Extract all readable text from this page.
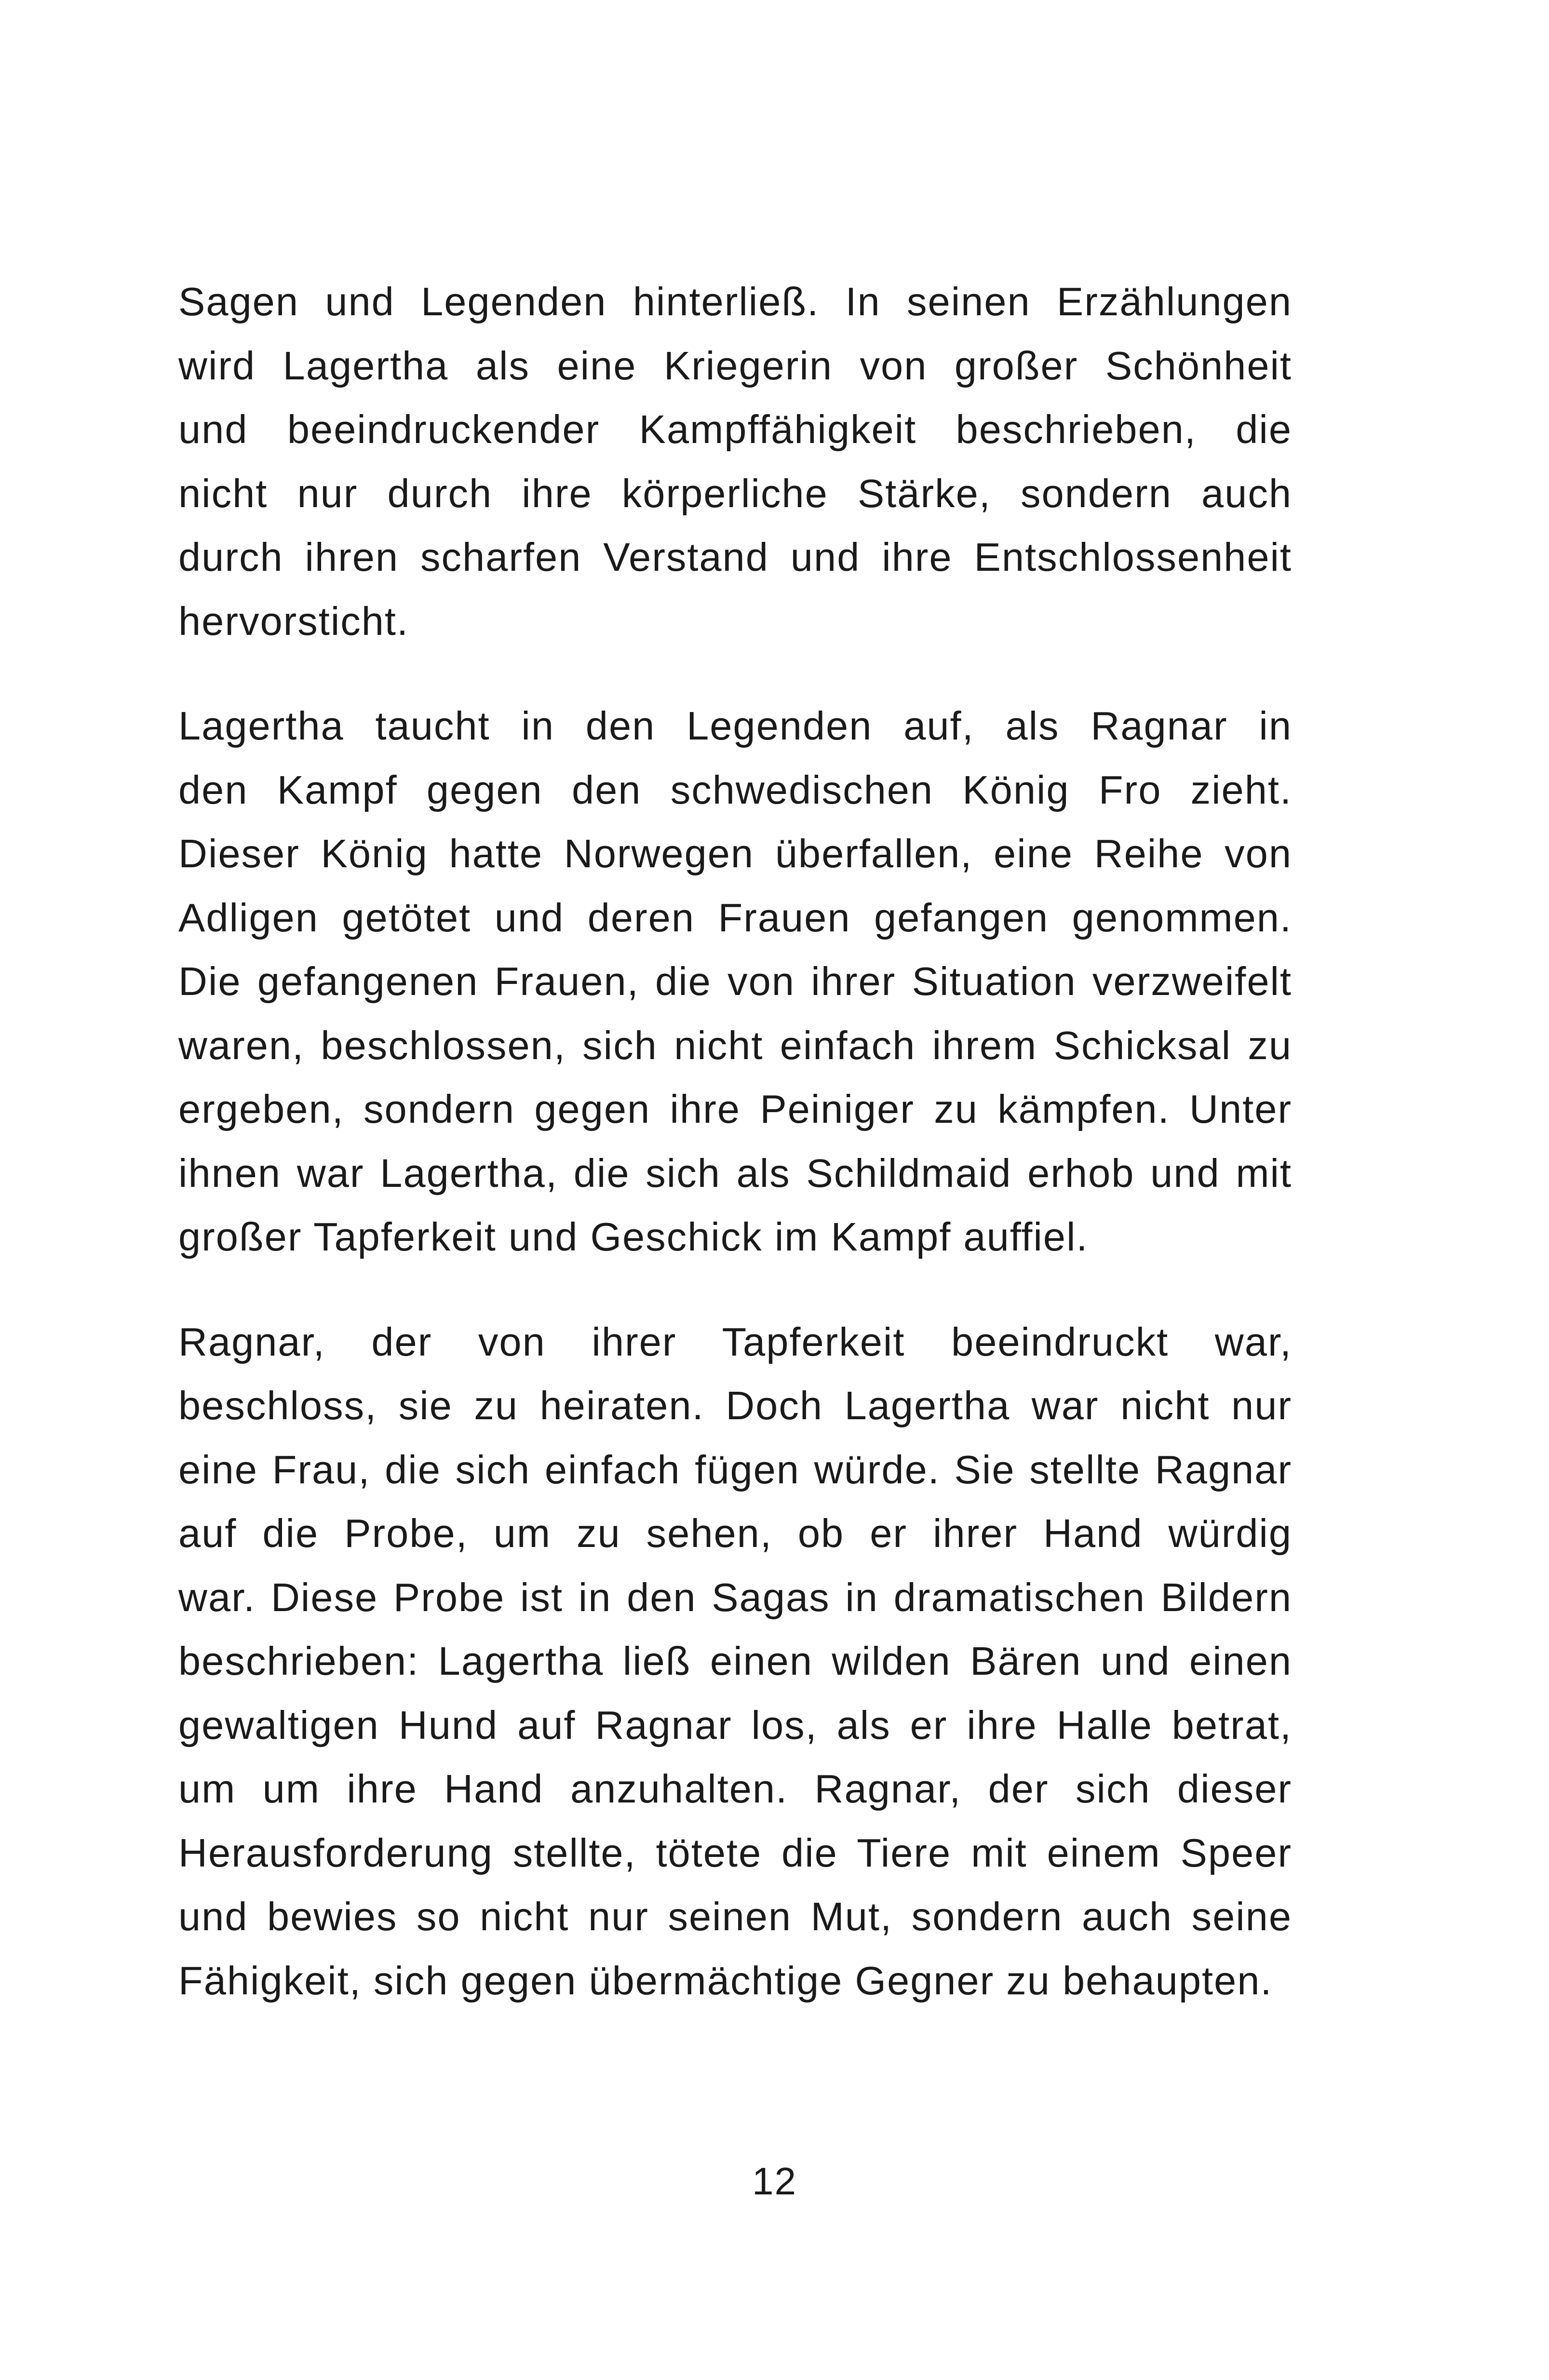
Sagen und Legenden hinterließ. In seinen Erzählungen
wird Lagertha als eine Kriegerin von großer Schönheit
und beeindruckender Kampffähigkeit beschrieben, die
nicht nur durch ihre körperliche Stärke, sondern auch
durch ihren scharfen Verstand und ihre Entschlossenheit
hervorsticht.
Lagertha taucht in den Legenden auf, als Ragnar in
den Kampf gegen den schwedischen König Fro zieht.
Dieser König hatte Norwegen überfallen, eine Reihe von
Adligen getötet und deren Frauen gefangen genommen.
Die gefangenen Frauen, die von ihrer Situation verzweifelt
waren, beschlossen, sich nicht einfach ihrem Schicksal zu
ergeben, sondern gegen ihre Peiniger zu kämpfen. Unter
ihnen war Lagertha, die sich als Schildmaid erhob und mit
großer Tapferkeit und Geschick im Kampf auffiel.
Ragnar, der von ihrer Tapferkeit beeindruckt war,
beschloss, sie zu heiraten. Doch Lagertha war nicht nur
eine Frau, die sich einfach fügen würde. Sie stellte Ragnar
auf die Probe, um zu sehen, ob er ihrer Hand würdig
war. Diese Probe ist in den Sagas in dramatischen Bildern
beschrieben: Lagertha ließ einen wilden Bären und einen
gewaltigen Hund auf Ragnar los, als er ihre Halle betrat,
um um ihre Hand anzuhalten. Ragnar, der sich dieser
Herausforderung stellte, tötete die Tiere mit einem Speer
und bewies so nicht nur seinen Mut, sondern auch seine
Fähigkeit, sich gegen übermächtige Gegner zu behaupten.
12
